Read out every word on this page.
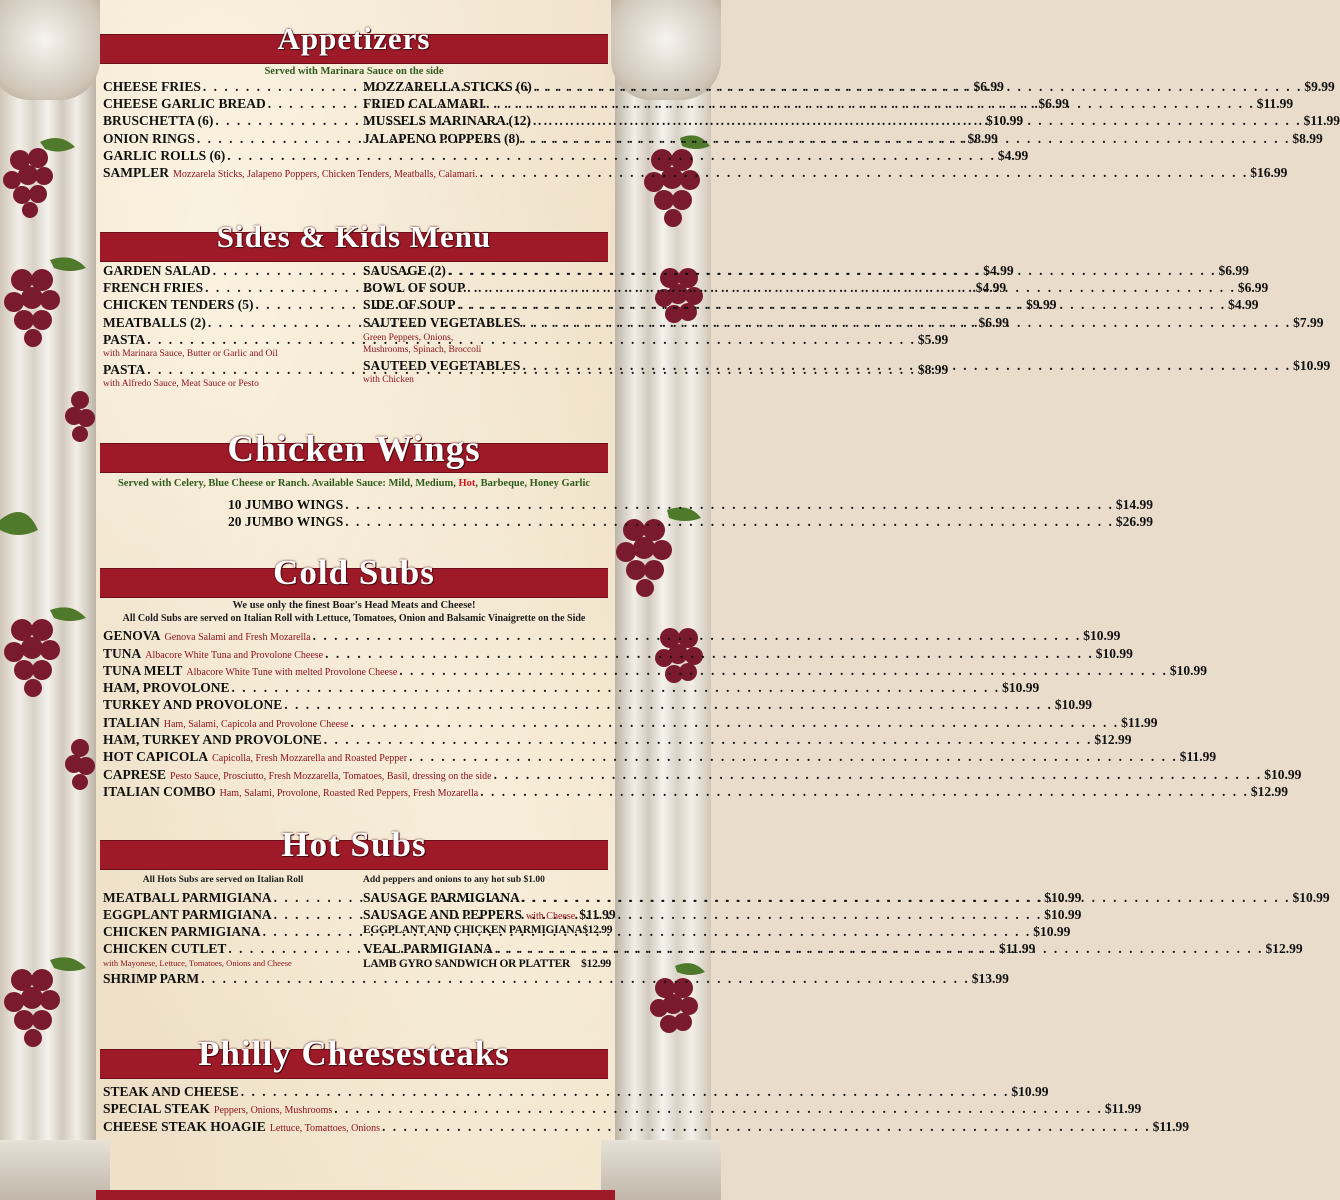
Appetizers
Served with Marinara Sauce on the side
CHEESE FRIES . . .	$6.99
CHEESE GARLIC BREAD . . .	$6.99
BRUSCHETTA (6) . . .	$10.99
ONION RINGS . . .	$8.99
GARLIC ROLLS (6) . . .	$4.99
MOZZARELLA STICKS (6) . . .	$9.99
FRIED CALAMARI . . .	$11.99
MUSSELS MARINARA (12) . . .	$11.99
JALAPENO POPPERS (8) . . .	$8.99
SAMPLER Mozzarela Sticks, Jalapeno Poppers, Chicken Tenders, Meatballs, Calamari. . . .	$16.99
Sides & Kids Menu
GARDEN SALAD . . .	$4.99
FRENCH FRIES . . .	$4.99
CHICKEN TENDERS (5) . . .	$9.99
MEATBALLS (2) . . .	$6.99
PASTA . . .	$5.99
with Marinara Sauce, Butter or Garlic and Oil
PASTA . . .	$8.99
with Alfredo Sauce, Meat Sauce or Pesto
SAUSAGE (2) . . .	$6.99
BOWL OF SOUP . . .	$6.99
SIDE OF SOUP . . .	$4.99
SAUTEED VEGETABLES . . .	$7.99
Green Peppers, Onions,
Mushrooms, Spinach, Broccoli
SAUTEED VEGETABLES . . .	$10.99
with Chicken
Chicken Wings
Served with Celery, Blue Cheese or Ranch. Available Sauce: Mild, Medium, Hot, Barbeque, Honey Garlic
10 JUMBO WINGS . . .	$14.99
20 JUMBO WINGS . . .	$26.99
Cold Subs
We use only the finest Boar's Head Meats and Cheese!
All Cold Subs are served on Italian Roll with Lettuce, Tomatoes, Onion and Balsamic Vinaigrette on the Side
GENOVA Genova Salami and Fresh Mozarella . . .	$10.99
TUNA Albacore White Tuna and Provolone Cheese . . .	$10.99
TUNA MELT Albacore White Tune with melted Provolone Cheese . . .	$10.99
HAM, PROVOLONE . . .	$10.99
TURKEY AND PROVOLONE . . .	$10.99
ITALIAN Ham, Salami, Capicola and Provolone Cheese . . .	$11.99
HAM, TURKEY AND PROVOLONE . . .	$12.99
HOT CAPICOLA Capicolla, Fresh Mozzarella and Roasted Pepper . . .	$11.99
CAPRESE Pesto Sauce, Prosciutto, Fresh Mozzarella, Tomatoes, Basil, dressing on the side . . .	$10.99
ITALIAN COMBO Ham, Salami, Provolone, Roasted Red Peppers, Fresh Mozarella . . .	$12.99
Hot Subs
All Hots Subs are served on Italian Roll	Add peppers and onions to any hot sub $1.00
MEATBALL PARMIGIANA . . .	$10.99
EGGPLANT PARMIGIANA . . .	$10.99
CHICKEN PARMIGIANA . . .	$10.99
CHICKEN CUTLET . . .	$11.99
with Mayonese, Lettuce, Tomatoes, Onions and Cheese
SHRIMP PARM . . .	$13.99
SAUSAGE PARMIGIANA . . .	$10.99
SAUSAGE AND PEPPERS with Cheese $11.99
EGGPLANT AND CHICKEN PARMIGIANA $12.99
VEAL PARMIGIANA . . .	$12.99
LAMB GYRO SANDWICH OR PLATTER $12.99
Philly Cheesesteaks
STEAK AND CHEESE . . .	$10.99
SPECIAL STEAK Peppers, Onions, Mushrooms . . .	$11.99
CHEESE STEAK HOAGIE Lettuce, Tomattoes, Onions . . .	$11.99
